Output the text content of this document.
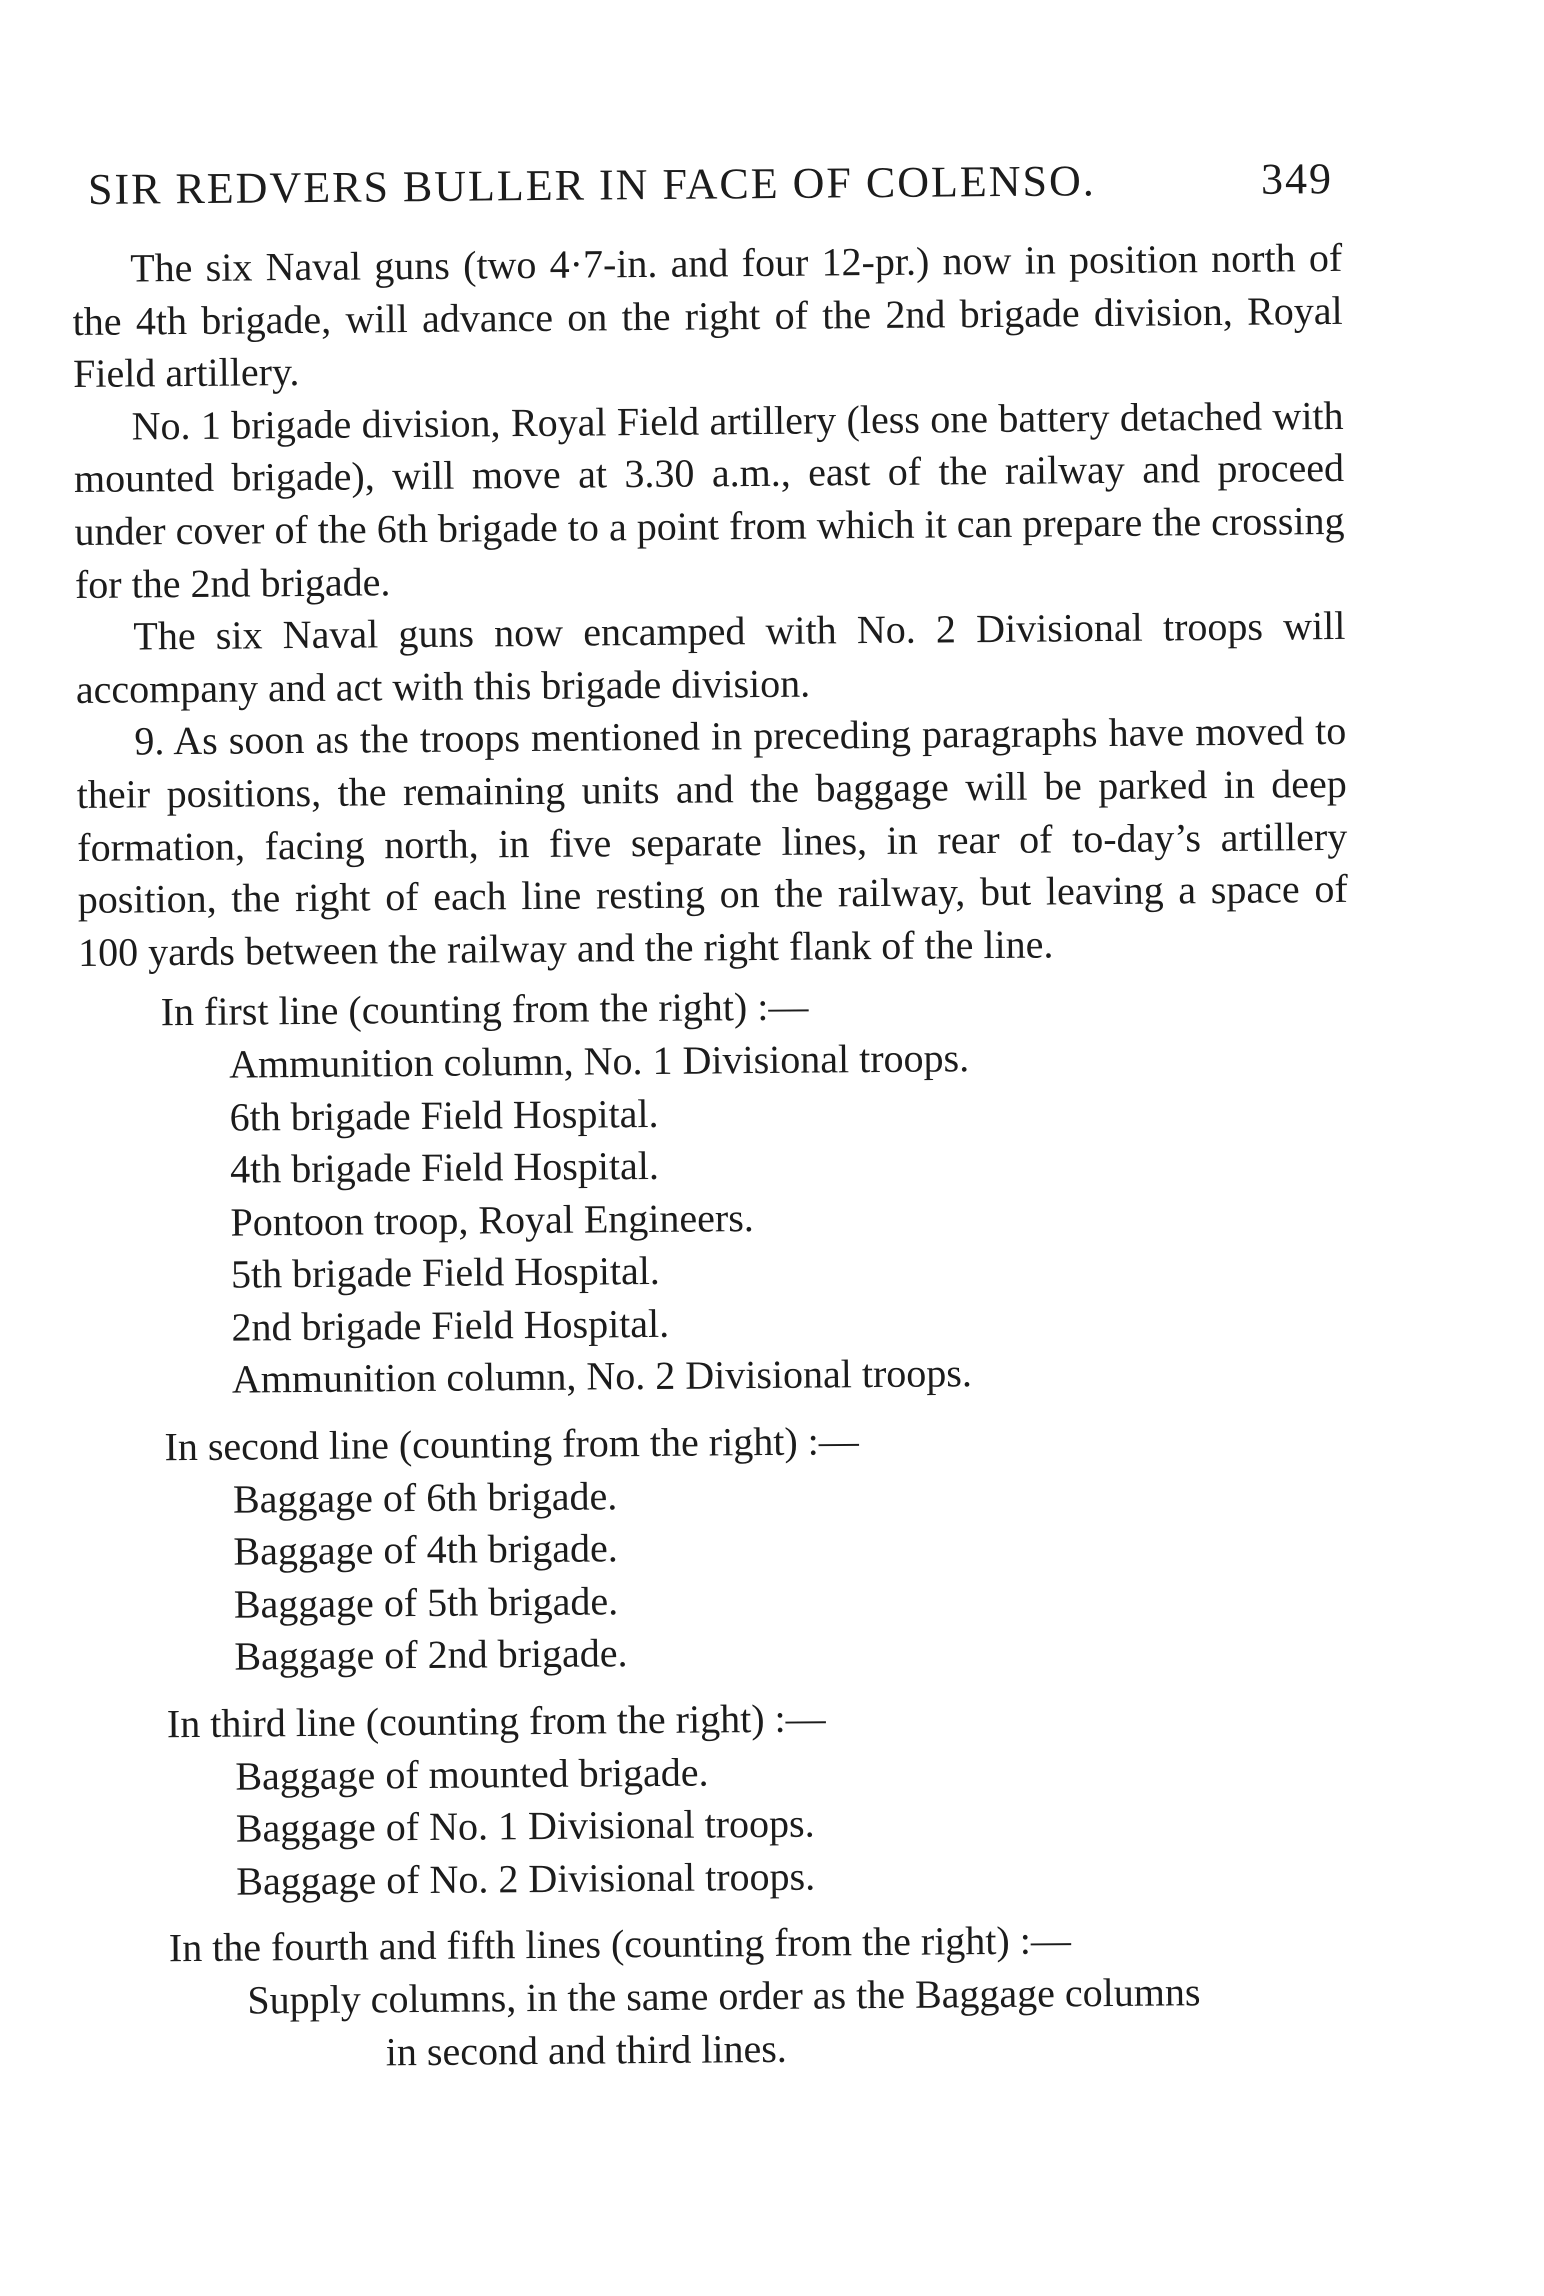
SIR REDVERS BULLER IN FACE OF COLENSO.	349

The six Naval guns (two 4·7-in. and four 12-pr.) now in position north of the 4th brigade, will advance on the right of the 2nd brigade division, Royal Field artillery.

No. 1 brigade division, Royal Field artillery (less one battery detached with mounted brigade), will move at 3.30 a.m., east of the railway and proceed under cover of the 6th brigade to a point from which it can prepare the crossing for the 2nd brigade.

The six Naval guns now encamped with No. 2 Divisional troops will accompany and act with this brigade division.

9. As soon as the troops mentioned in preceding paragraphs have moved to their positions, the remaining units and the baggage will be parked in deep formation, facing north, in five separate lines, in rear of to-day’s artillery position, the right of each line resting on the railway, but leaving a space of 100 yards between the railway and the right flank of the line.

In first line (counting from the right) :—
Ammunition column, No. 1 Divisional troops.
6th brigade Field Hospital.
4th brigade Field Hospital.
Pontoon troop, Royal Engineers.
5th brigade Field Hospital.
2nd brigade Field Hospital.
Ammunition column, No. 2 Divisional troops.
In second line (counting from the right) :—
Baggage of 6th brigade.
Baggage of 4th brigade.
Baggage of 5th brigade.
Baggage of 2nd brigade.
In third line (counting from the right) :—
Baggage of mounted brigade.
Baggage of No. 1 Divisional troops.
Baggage of No. 2 Divisional troops.
In the fourth and fifth lines (counting from the right) :—
Supply columns, in the same order as the Baggage columns
in second and third lines.
